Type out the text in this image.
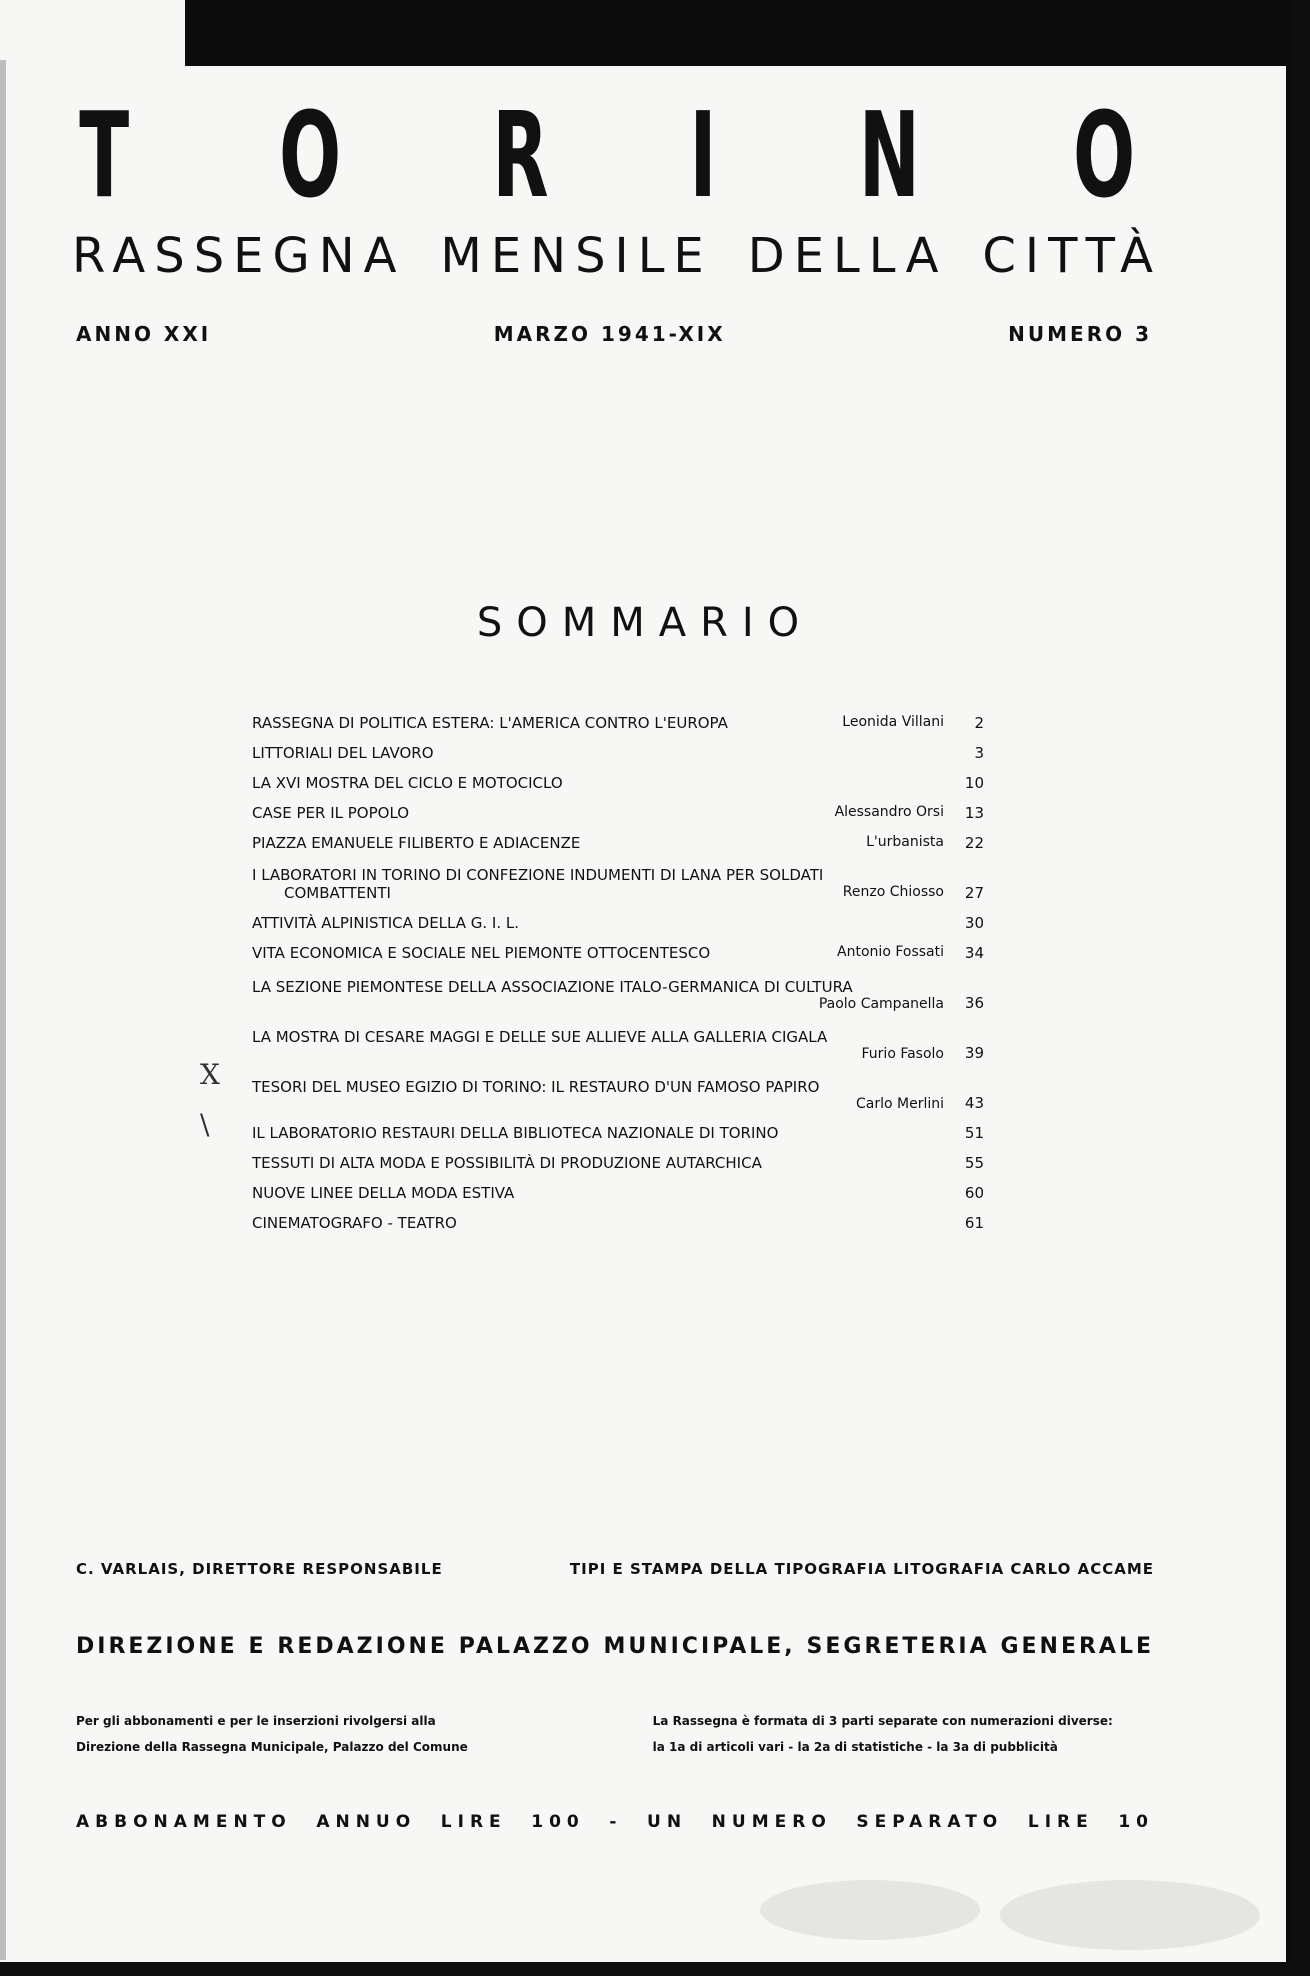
T O R I N O
RASSEGNA MENSILE DELLA CITTÀ
ANNO XXI	MARZO 1941-XIX	NUMERO 3
SOMMARIO
RASSEGNA DI POLITICA ESTERA: L'AMERICA CONTRO L'EUROPA	Leonida Villani	2
LITTORIALI DEL LAVORO	3
LA XVI MOSTRA DEL CICLO E MOTOCICLO	10
CASE PER IL POPOLO	Alessandro Orsi	13
PIAZZA EMANUELE FILIBERTO E ADIACENZE	L'urbanista	22
I LABORATORI IN TORINO DI CONFEZIONE INDUMENTI DI LANA PER SOLDATI
COMBATTENTI	Renzo Chiosso	27
ATTIVITÀ ALPINISTICA DELLA G. I. L.	30
VITA ECONOMICA E SOCIALE NEL PIEMONTE OTTOCENTESCO	Antonio Fossati	34
LA SEZIONE PIEMONTESE DELLA ASSOCIAZIONE ITALO-GERMANICA DI CULTURA
Paolo Campanella	36
LA MOSTRA DI CESARE MAGGI E DELLE SUE ALLIEVE ALLA GALLERIA CIGALA
Furio Fasolo	39
X TESORI DEL MUSEO EGIZIO DI TORINO: IL RESTAURO D'UN FAMOSO PAPIRO
Carlo Merlini	43
\	IL LABORATORIO RESTAURI DELLA BIBLIOTECA NAZIONALE DI TORINO	51
TESSUTI DI ALTA MODA E POSSIBILITÀ DI PRODUZIONE AUTARCHICA	55
NUOVE LINEE DELLA MODA ESTIVA	60
CINEMATOGRAFO - TEATRO	61
C. VARLAIS, DIRETTORE RESPONSABILE	TIPI E STAMPA DELLA TIPOGRAFIA LITOGRAFIA CARLO ACCAME
DIREZIONE E REDAZIONE PALAZZO MUNICIPALE, SEGRETERIA GENERALE
Per gli abbonamenti e per le inserzioni rivolgersi alla
Direzione della Rassegna Municipale, Palazzo del Comune
La Rassegna è formata di 3 parti separate con numerazioni diverse:
la 1a di articoli vari - la 2a di statistiche - la 3a di pubblicità
ABBONAMENTO ANNUO LIRE 100 - UN NUMERO SEPARATO LIRE 10
